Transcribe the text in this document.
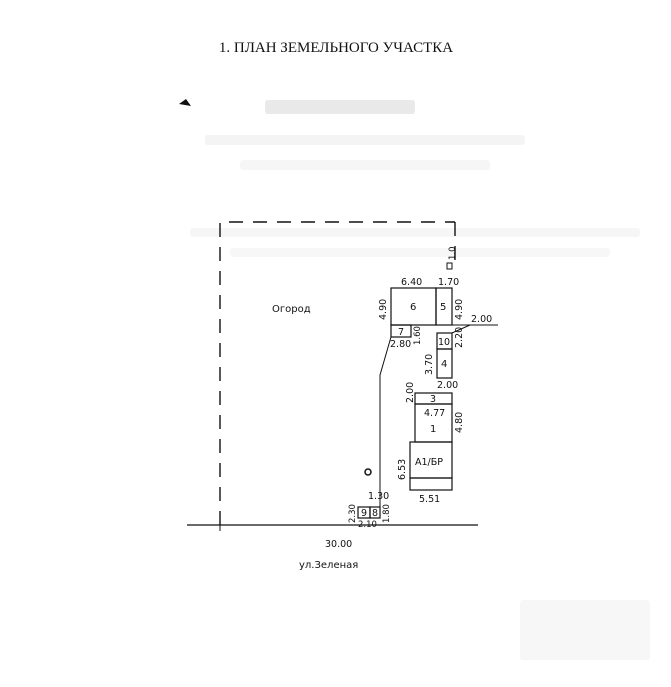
1. ПЛАН ЗЕМЕЛЬНОГО УЧАСТКА
Огород
1.0
6 5
6.40 1.70
4.90	4.90 2.00
7
2.80 1.60 10
4
2.20
3.70
2.00
3
1
4.77
А1/БР
2.00
4.80
6.53
5.51
1.30
9 8
2.30
2.10
1.80
30.00
ул.Зеленая
